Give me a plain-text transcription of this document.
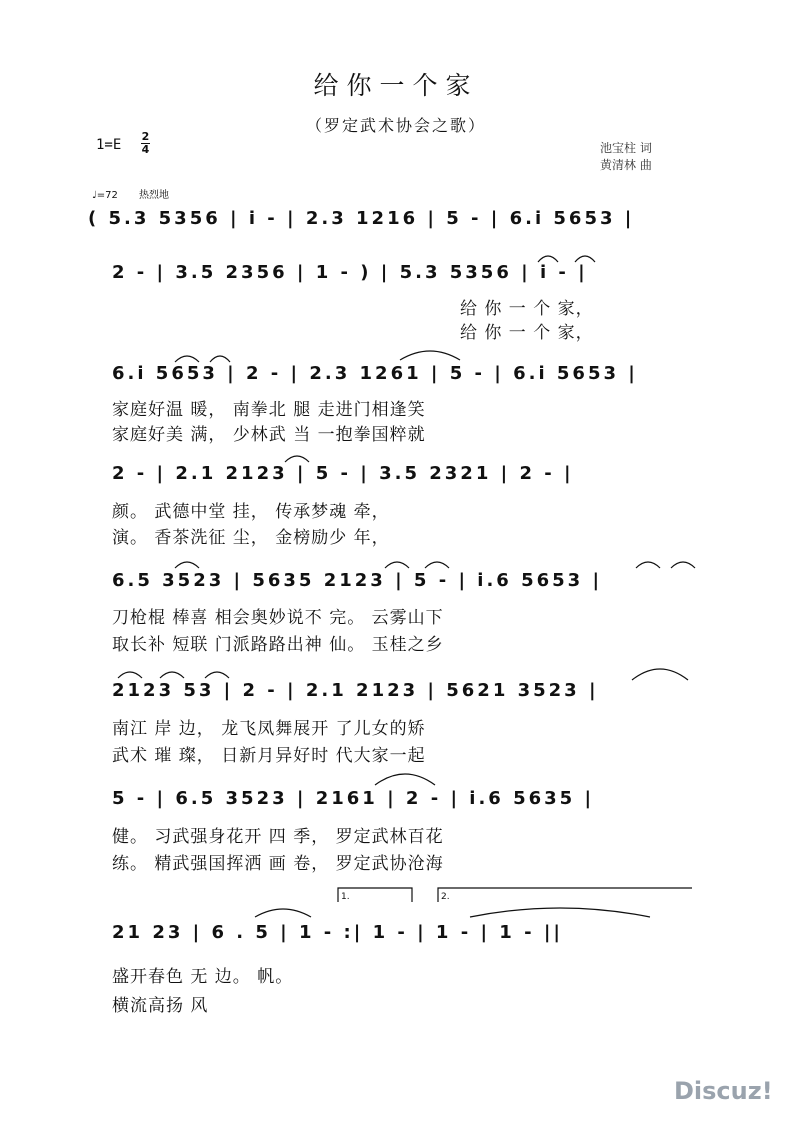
给你一个家
（罗定武术协会之歌）
1=E
2
4	池宝柱 词
黄清林 曲
♩=72 热烈地
( 5.3 5356 | i - | 2.3 1216 | 5 - | 6.i 5653 |
2 - | 3.5 2356 | 1 - ) | 5.3 5356 | i - |
给 你 一 个 家，
给 你 一 个 家，
6.i 5653 | 2 - | 2.3 1261 | 5 - | 6.i 5653 |
家庭好温 暖， 南拳北 腿 走进门相逢笑
家庭好美 满， 少林武 当 一抱拳国粹就
2 - | 2.1 2123 | 5 - | 3.5 2321 | 2 - |
颜。 武德中堂 挂， 传承梦魂 牵，
演。 香茶洗征 尘， 金榜励少 年，
6.5 3523 | 5635 2123 | 5 - | i.6 5653 |
刀枪棍 棒喜 相会奥妙说不 完。 云雾山下
取长补 短联 门派路路出神 仙。 玉桂之乡
2123 53 | 2 - | 2.1 2123 | 5621 3523 |
南江 岸 边， 龙飞凤舞展开 了儿女的矫
武术 璀 璨， 日新月异好时 代大家一起
5 - | 6.5 3523 | 2161 | 2 - | i.6 5635 |
健。 习武强身花开 四 季， 罗定武林百花
练。 精武强国挥洒 画 卷， 罗定武协沧海
1.	2.
21 23 | 6 . 5 | 1 - :| 1 - | 1 - | 1 - ||
盛开春色 无 边。 帆。
横流高扬 风
Discuz!
